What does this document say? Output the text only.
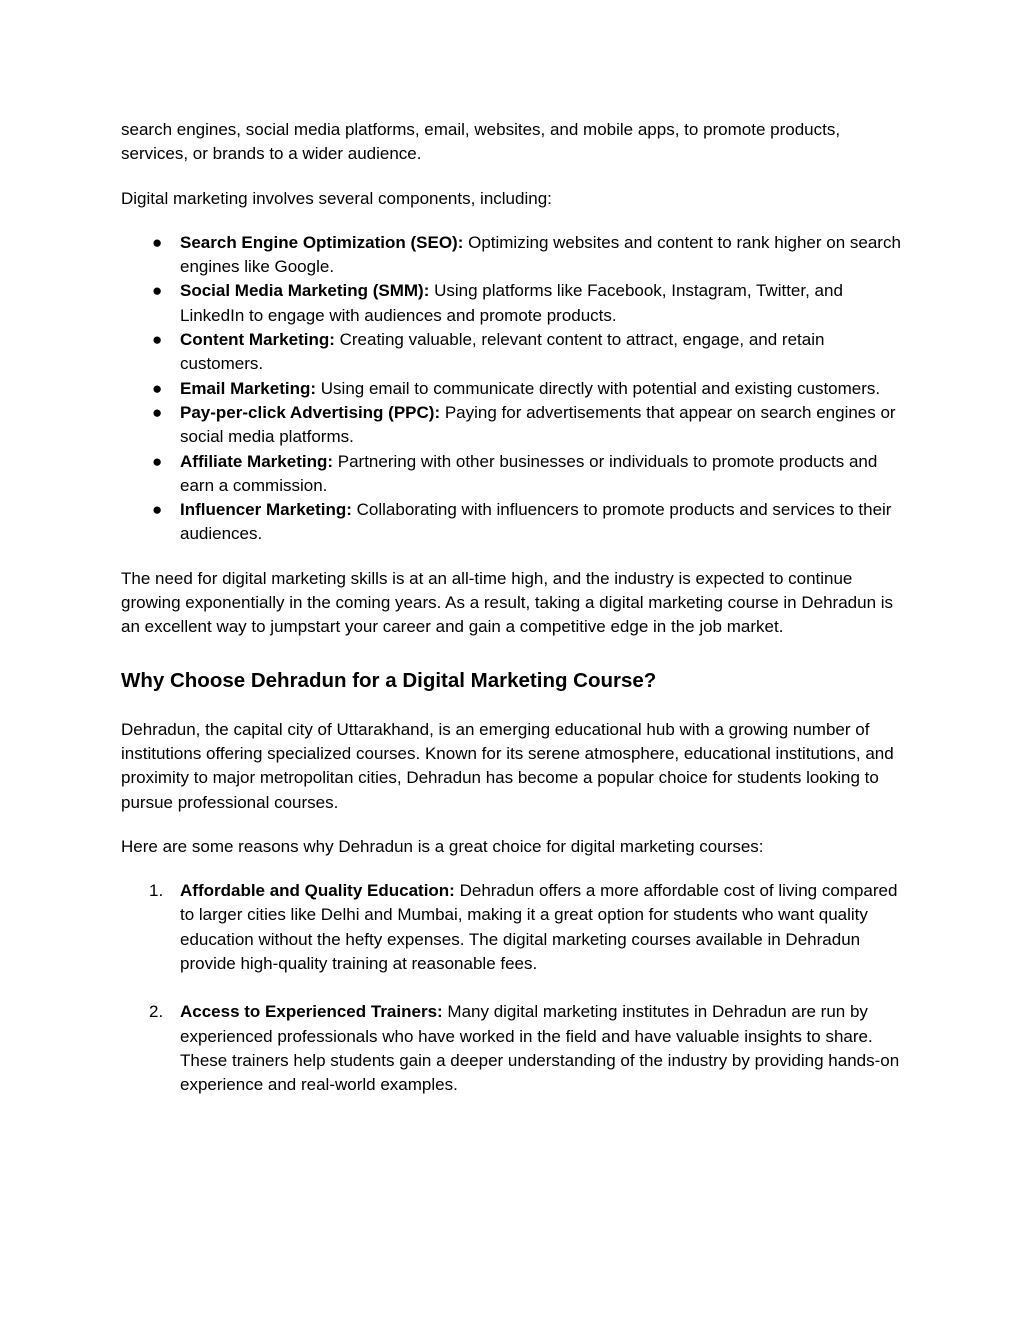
search engines, social media platforms, email, websites, and mobile apps, to promote products, services, or brands to a wider audience.

Digital marketing involves several components, including:

● Search Engine Optimization (SEO): Optimizing websites and content to rank higher on search engines like Google.
● Social Media Marketing (SMM): Using platforms like Facebook, Instagram, Twitter, and LinkedIn to engage with audiences and promote products.
● Content Marketing: Creating valuable, relevant content to attract, engage, and retain customers.
● Email Marketing: Using email to communicate directly with potential and existing customers.
● Pay-per-click Advertising (PPC): Paying for advertisements that appear on search engines or social media platforms.
● Affiliate Marketing: Partnering with other businesses or individuals to promote products and earn a commission.
● Influencer Marketing: Collaborating with influencers to promote products and services to their audiences.

The need for digital marketing skills is at an all-time high, and the industry is expected to continue growing exponentially in the coming years. As a result, taking a digital marketing course in Dehradun is an excellent way to jumpstart your career and gain a competitive edge in the job market.

Why Choose Dehradun for a Digital Marketing Course?

Dehradun, the capital city of Uttarakhand, is an emerging educational hub with a growing number of institutions offering specialized courses. Known for its serene atmosphere, educational institutions, and proximity to major metropolitan cities, Dehradun has become a popular choice for students looking to pursue professional courses.

Here are some reasons why Dehradun is a great choice for digital marketing courses:

1. Affordable and Quality Education: Dehradun offers a more affordable cost of living compared to larger cities like Delhi and Mumbai, making it a great option for students who want quality education without the hefty expenses. The digital marketing courses available in Dehradun provide high-quality training at reasonable fees.
2. Access to Experienced Trainers: Many digital marketing institutes in Dehradun are run by experienced professionals who have worked in the field and have valuable insights to share. These trainers help students gain a deeper understanding of the industry by providing hands-on experience and real-world examples.
